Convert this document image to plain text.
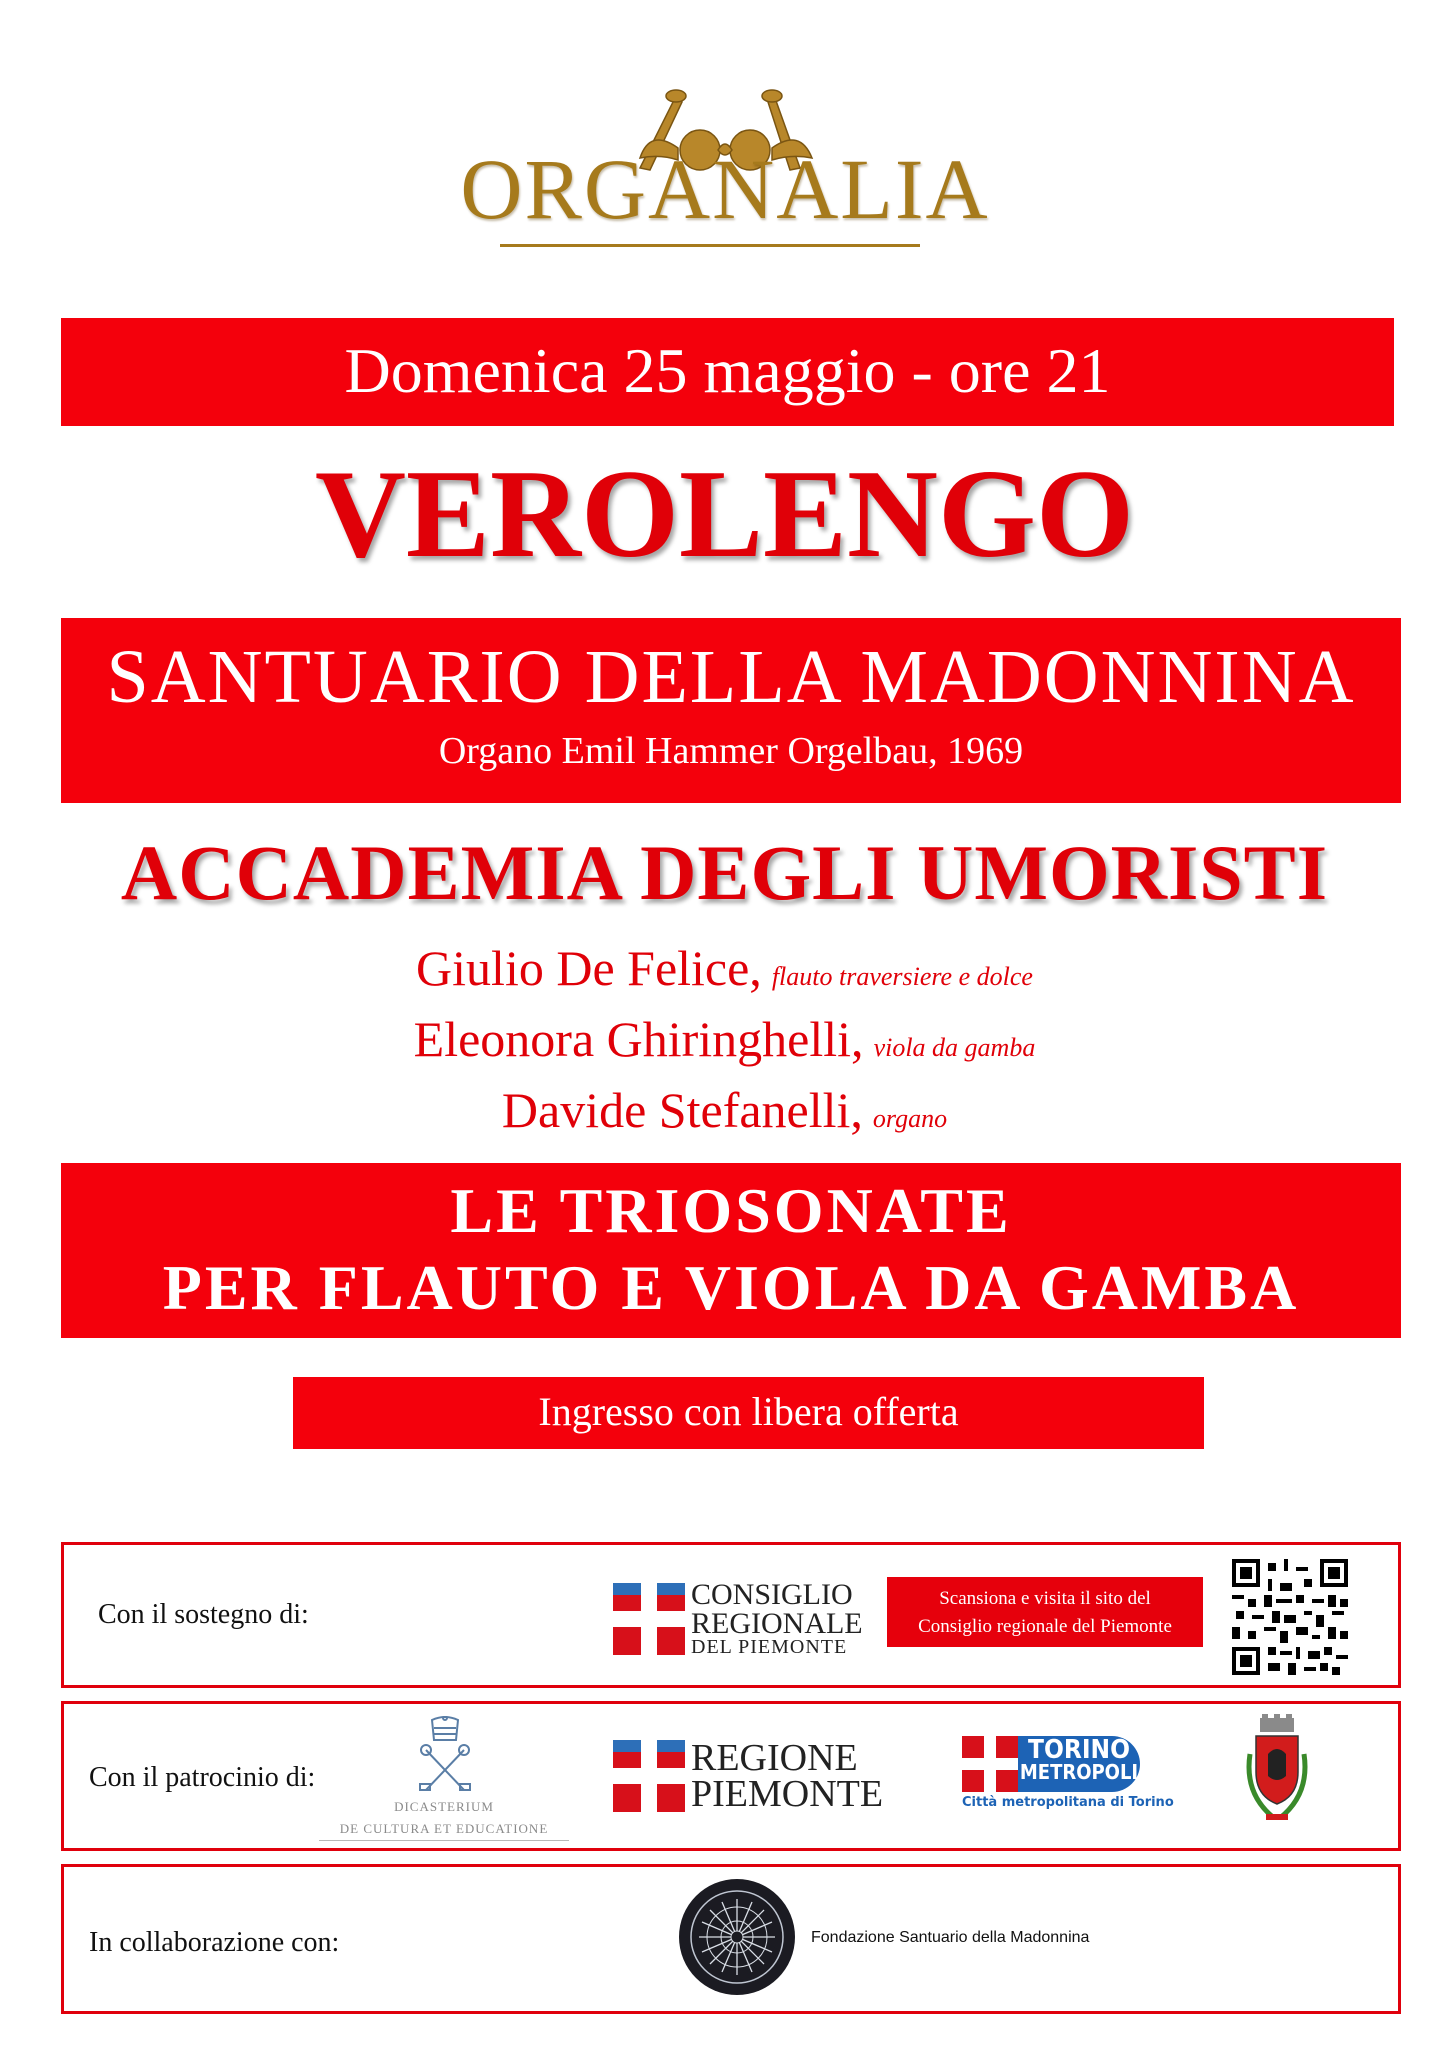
ORGANALIA
Domenica 25 maggio - ore 21
VEROLENGO
SANTUARIO DELLA MADONNINA
Organo Emil Hammer Orgelbau, 1969
ACCADEMIA DEGLI UMORISTI
Giulio De Felice, flauto traversiere e dolce
Eleonora Ghiringhelli, viola da gamba
Davide Stefanelli, organo
LE TRIOSONATE
PER FLAUTO E VIOLA DA GAMBA
Ingresso con libera offerta
Con il sostegno di:
CONSIGLIO
REGIONALE
DEL PIEMONTE
Scansiona e visita il sito del
Consiglio regionale del Piemonte
Con il patrocinio di:
DICASTERIUM
DE CULTURA ET EDUCATIONE
REGIONE
PIEMONTE
TORINO
METROPOLI
Città metropolitana di Torino
In collaborazione con:	Fondazione Santuario della Madonnina
